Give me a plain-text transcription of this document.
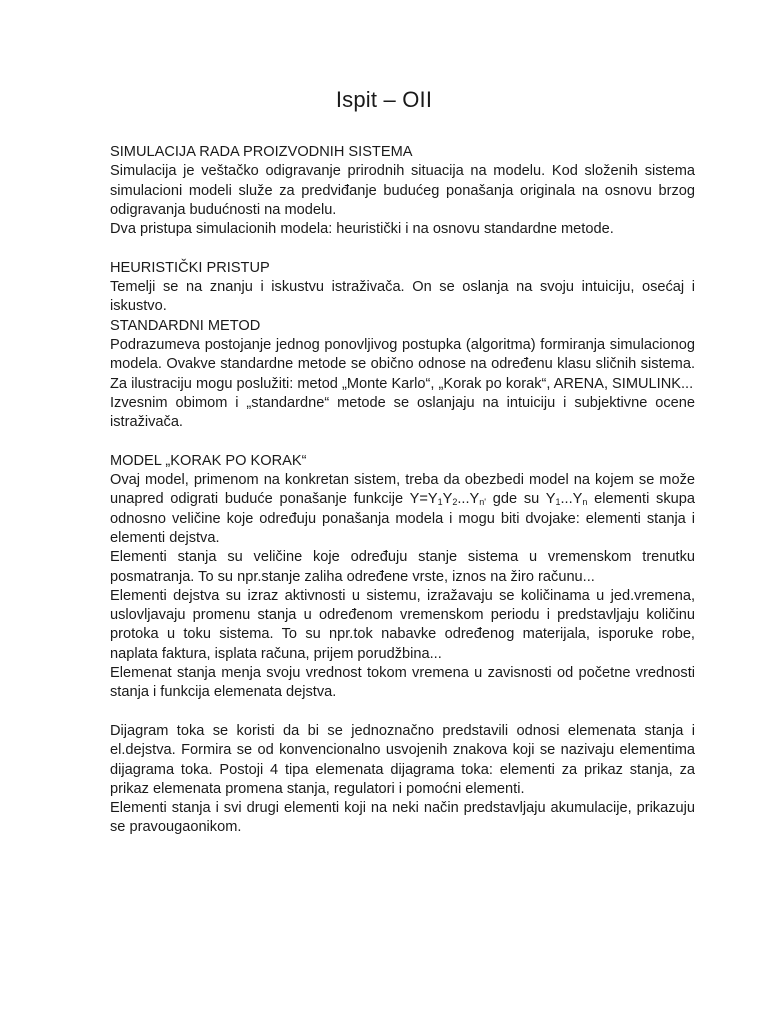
Ispit – OII

SIMULACIJA RADA PROIZVODNIH SISTEMA

Simulacija je veštačko odigravanje prirodnih situacija na modelu. Kod složenih sistema simulacioni modeli služe za predviđanje budućeg ponašanja originala na osnovu brzog odigravanja budućnosti na modelu.

Dva pristupa simulacionih modela: heuristički i na osnovu standardne metode.

HEURISTIČKI PRISTUP

Temelji se na znanju i iskustvu istraživača. On se oslanja na svoju intuiciju, osećaj i iskustvo.

STANDARDNI METOD

Podrazumeva postojanje jednog ponovljivog postupka (algoritma) formiranja simulacionog modela. Ovakve standardne metode se obično odnose na određenu klasu sličnih sistema. Za ilustraciju mogu poslužiti: metod „Monte Karlo“, „Korak po korak“, ARENA, SIMULINK...

Izvesnim obimom i „standardne“ metode se oslanjaju na intuiciju i subjektivne ocene istraživača.

MODEL „KORAK PO KORAK“

Ovaj model, primenom na konkretan sistem, treba da obezbedi model na kojem se može unapred odigrati buduće ponašanje funkcije $Y=Y_1Y_2...Y_{n'}$ gde su $Y_1...Y_n$ elementi skupa odnosno veličine koje određuju ponašanja modela i mogu biti dvojake: elementi stanja i elementi dejstva.

Elementi stanja su veličine koje određuju stanje sistema u vremenskom trenutku posmatranja. To su npr.stanje zaliha određene vrste, iznos na žiro računu...

Elementi dejstva su izraz aktivnosti u sistemu, izražavaju se količinama u jed.vremena, uslovljavaju promenu stanja u određenom vremenskom periodu i predstavljaju količinu protoka u toku sistema. To su npr.tok nabavke određenog materijala, isporuke robe, naplata faktura, isplata računa, prijem porudžbina...

Elemenat stanja menja svoju vrednost tokom vremena u zavisnosti od početne vrednosti stanja i funkcija elemenata dejstva.

Dijagram toka se koristi da bi se jednoznačno predstavili odnosi elemenata stanja i el.dejstva. Formira se od konvencionalno usvojenih znakova koji se nazivaju elementima dijagrama toka. Postoji 4 tipa elemenata dijagrama toka: elementi za prikaz stanja, za prikaz elemenata promena stanja, regulatori i pomoćni elementi.

Elementi stanja i svi drugi elementi koji na neki način predstavljaju akumulacije, prikazuju se pravougaonikom.
